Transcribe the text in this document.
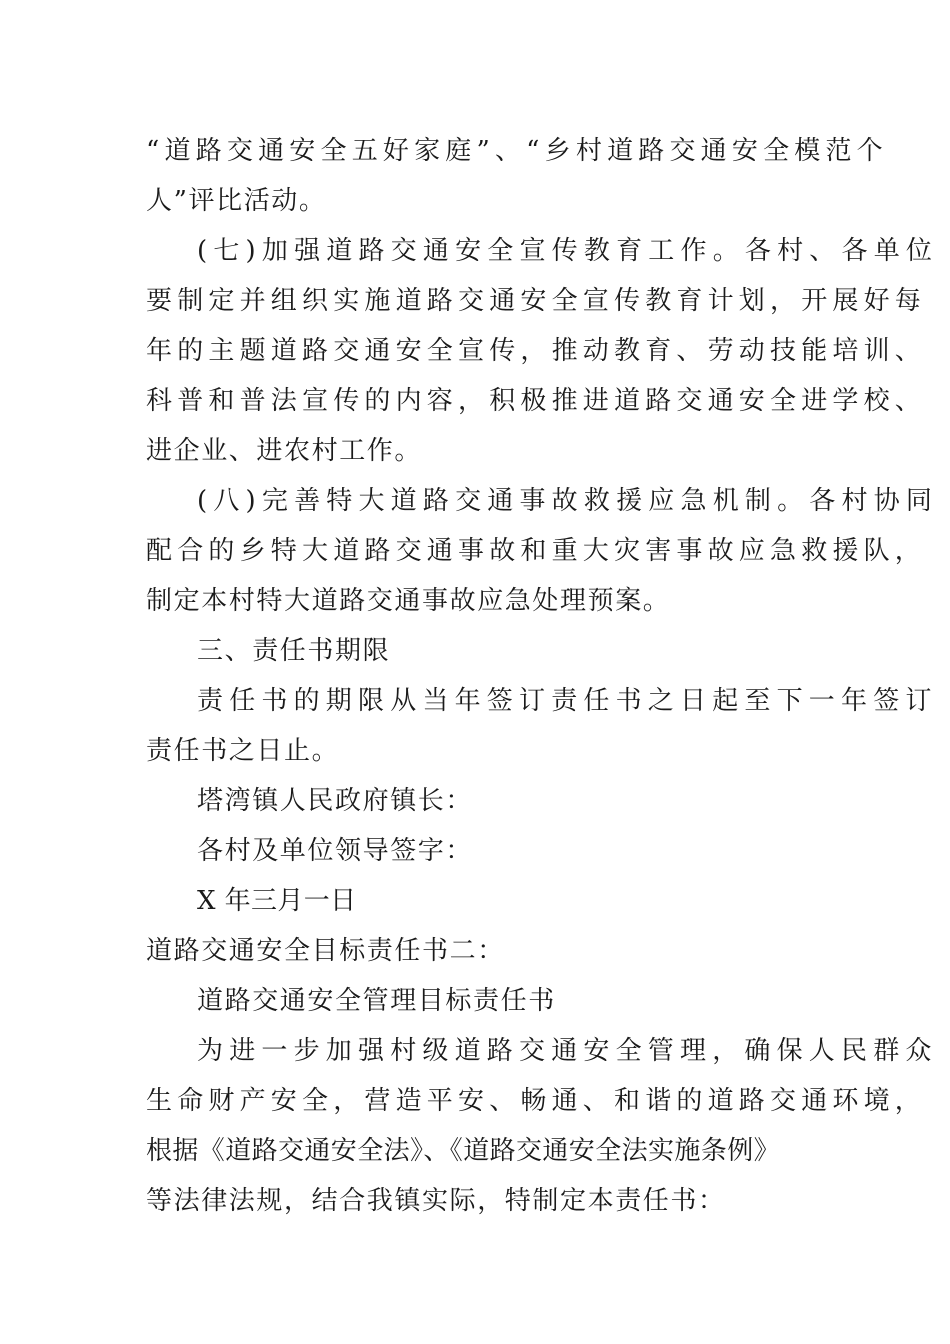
“道路交通安全五好家庭”、“乡村道路交通安全模范个
人”评比活动。
(七)加强道路交通安全宣传教育工作。各村、各单位
要制定并组织实施道路交通安全宣传教育计划，开展好每
年的主题道路交通安全宣传，推动教育、劳动技能培训、
科普和普法宣传的内容，积极推进道路交通安全进学校、
进企业、进农村工作。
(八)完善特大道路交通事故救援应急机制。各村协同
配合的乡特大道路交通事故和重大灾害事故应急救援队，
制定本村特大道路交通事故应急处理预案。
三、责任书期限
责任书的期限从当年签订责任书之日起至下一年签订
责任书之日止。
塔湾镇人民政府镇长：
各村及单位领导签字：
X 年三月一日
道路交通安全目标责任书二：
道路交通安全管理目标责任书
为进一步加强村级道路交通安全管理，确保人民群众
生命财产安全，营造平安、畅通、和谐的道路交通环境，
根据《道路交通安全法》、《道路交通安全法实施条例》
等法律法规，结合我镇实际，特制定本责任书：
